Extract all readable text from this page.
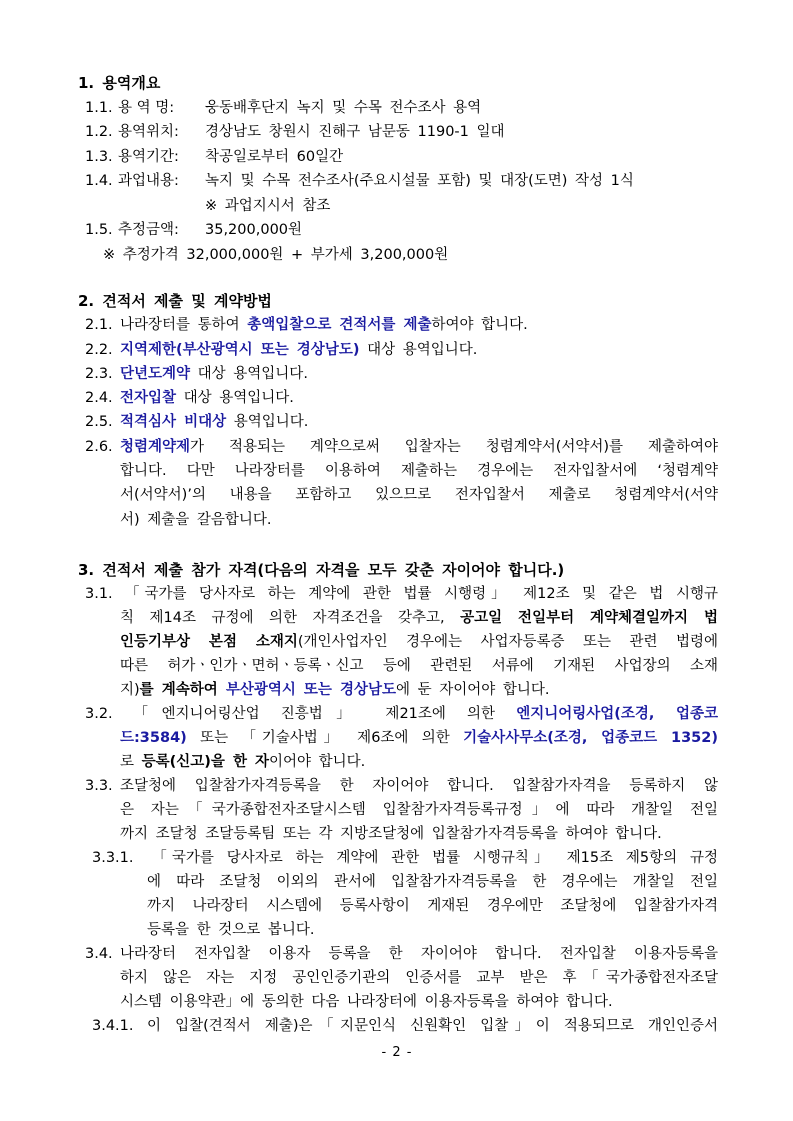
1. 용역개요
1.1. 용 역 명: 웅동배후단지 녹지 및 수목 전수조사 용역
1.2. 용역위치: 경상남도 창원시 진해구 남문동 1190-1 일대
1.3. 용역기간: 착공일로부터 60일간
1.4. 과업내용: 녹지 및 수목 전수조사(주요시설물 포함) 및 대장(도면) 작성 1식
※ 과업지시서 참조
1.5. 추정금액: 35,200,000원
※ 추정가격 32,000,000원 + 부가세 3,200,000원
2. 견적서 제출 및 계약방법
2.1. 나라장터를 통하여 총액입찰으로 견적서를 제출하여야 합니다.
2.2. 지역제한(부산광역시 또는 경상남도) 대상 용역입니다.
2.3. 단년도계약 대상 용역입니다.
2.4. 전자입찰 대상 용역입니다.
2.5. 적격심사 비대상 용역입니다.
2.6. 청렴계약제가 적용되는 계약으로써 입찰자는 청렴계약서(서약서)를 제출하여야
합니다. 다만 나라장터를 이용하여 제출하는 경우에는 전자입찰서에 ‘청렴계약
서(서약서)’의 내용을 포함하고 있으므로 전자입찰서 제출로 청렴계약서(서약
서) 제출을 갈음합니다.
3. 견적서 제출 참가 자격(다음의 자격을 모두 갖춘 자이어야 합니다.)
3.1. 「국가를 당사자로 하는 계약에 관한 법률 시행령」 제12조 및 같은 법 시행규
칙 제14조 규정에 의한 자격조건을 갖추고, 공고일 전일부터 계약체결일까지 법
인등기부상 본점 소재지(개인사업자인 경우에는 사업자등록증 또는 관련 법령에
따른 허가ㆍ인가ㆍ면허ㆍ등록ㆍ신고 등에 관련된 서류에 기재된 사업장의 소재
지)를 계속하여 부산광역시 또는 경상남도에 둔 자이어야 합니다.
3.2. 「엔지니어링산업 진흥법」 제21조에 의한 엔지니어링사업(조경, 업종코
드:3584) 또는 「기술사법」 제6조에 의한 기술사사무소(조경, 업종코드 1352)
로 등록(신고)을 한 자이어야 합니다.
3.3. 조달청에 입찰참가자격등록을 한 자이어야 합니다. 입찰참가자격을 등록하지 않
은 자는「국가종합전자조달시스템 입찰참가자격등록규정」에 따라 개찰일 전일
까지 조달청 조달등록팀 또는 각 지방조달청에 입찰참가자격등록을 하여야 합니다.
3.3.1. 「국가를 당사자로 하는 계약에 관한 법률 시행규칙」 제15조 제5항의 규정
에 따라 조달청 이외의 관서에 입찰참가자격등록을 한 경우에는 개찰일 전일
까지 나라장터 시스템에 등록사항이 게재된 경우에만 조달청에 입찰참가자격
등록을 한 것으로 봅니다.
3.4. 나라장터 전자입찰 이용자 등록을 한 자이어야 합니다. 전자입찰 이용자등록을
하지 않은 자는 지정 공인인증기관의 인증서를 교부 받은 후「국가종합전자조달
시스템 이용약관」에 동의한 다음 나라장터에 이용자등록을 하여야 합니다.
3.4.1. 이 입찰(견적서 제출)은「지문인식 신원확인 입찰」이 적용되므로 개인인증서
- 2 -
